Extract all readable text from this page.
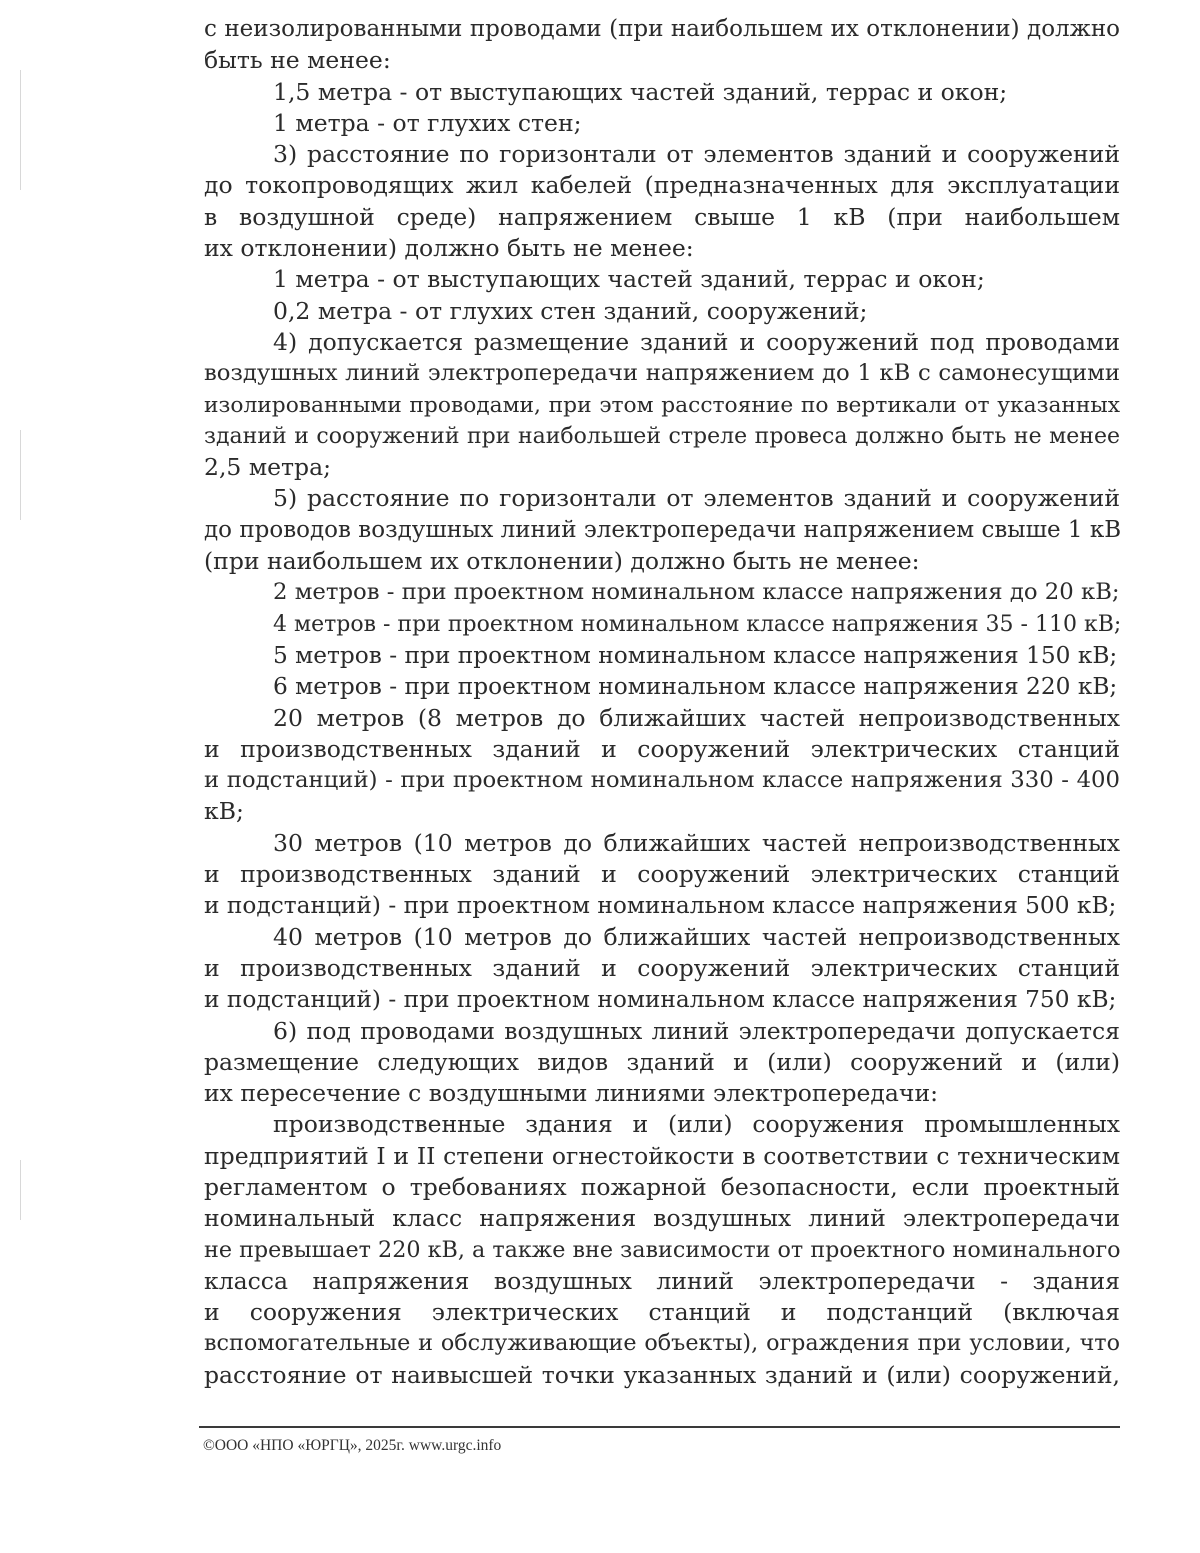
с неизолированными проводами (при наибольшем их отклонении) должно
быть не менее:
1,5 метра - от выступающих частей зданий, террас и окон;
1 метра - от глухих стен;
3) расстояние по горизонтали от элементов зданий и сооружений
до токопроводящих жил кабелей (предназначенных для эксплуатации
в воздушной среде) напряжением свыше 1 кВ (при наибольшем
их отклонении) должно быть не менее:
1 метра - от выступающих частей зданий, террас и окон;
0,2 метра - от глухих стен зданий, сооружений;
4) допускается размещение зданий и сооружений под проводами
воздушных линий электропередачи напряжением до 1 кВ с самонесущими
изолированными проводами, при этом расстояние по вертикали от указанных
зданий и сооружений при наибольшей стреле провеса должно быть не менее
2,5 метра;
5) расстояние по горизонтали от элементов зданий и сооружений
до проводов воздушных линий электропередачи напряжением свыше 1 кВ
(при наибольшем их отклонении) должно быть не менее:
2 метров - при проектном номинальном классе напряжения до 20 кВ;
4 метров - при проектном номинальном классе напряжения 35 - 110 кВ;
5 метров - при проектном номинальном классе напряжения 150 кВ;
6 метров - при проектном номинальном классе напряжения 220 кВ;
20 метров (8 метров до ближайших частей непроизводственных
и производственных зданий и сооружений электрических станций
и подстанций) - при проектном номинальном классе напряжения 330 - 400
кВ;
30 метров (10 метров до ближайших частей непроизводственных
и производственных зданий и сооружений электрических станций
и подстанций) - при проектном номинальном классе напряжения 500 кВ;
40 метров (10 метров до ближайших частей непроизводственных
и производственных зданий и сооружений электрических станций
и подстанций) - при проектном номинальном классе напряжения 750 кВ;
6) под проводами воздушных линий электропередачи допускается
размещение следующих видов зданий и (или) сооружений и (или)
их пересечение с воздушными линиями электропередачи:
производственные здания и (или) сооружения промышленных
предприятий I и II степени огнестойкости в соответствии с техническим
регламентом о требованиях пожарной безопасности, если проектный
номинальный класс напряжения воздушных линий электропередачи
не превышает 220 кВ, а также вне зависимости от проектного номинального
класса напряжения воздушных линий электропередачи - здания
и сооружения электрических станций и подстанций (включая
вспомогательные и обслуживающие объекты), ограждения при условии, что
расстояние от наивысшей точки указанных зданий и (или) сооружений,
©ООО «НПО «ЮРГЦ», 2025г. www.urgc.info
